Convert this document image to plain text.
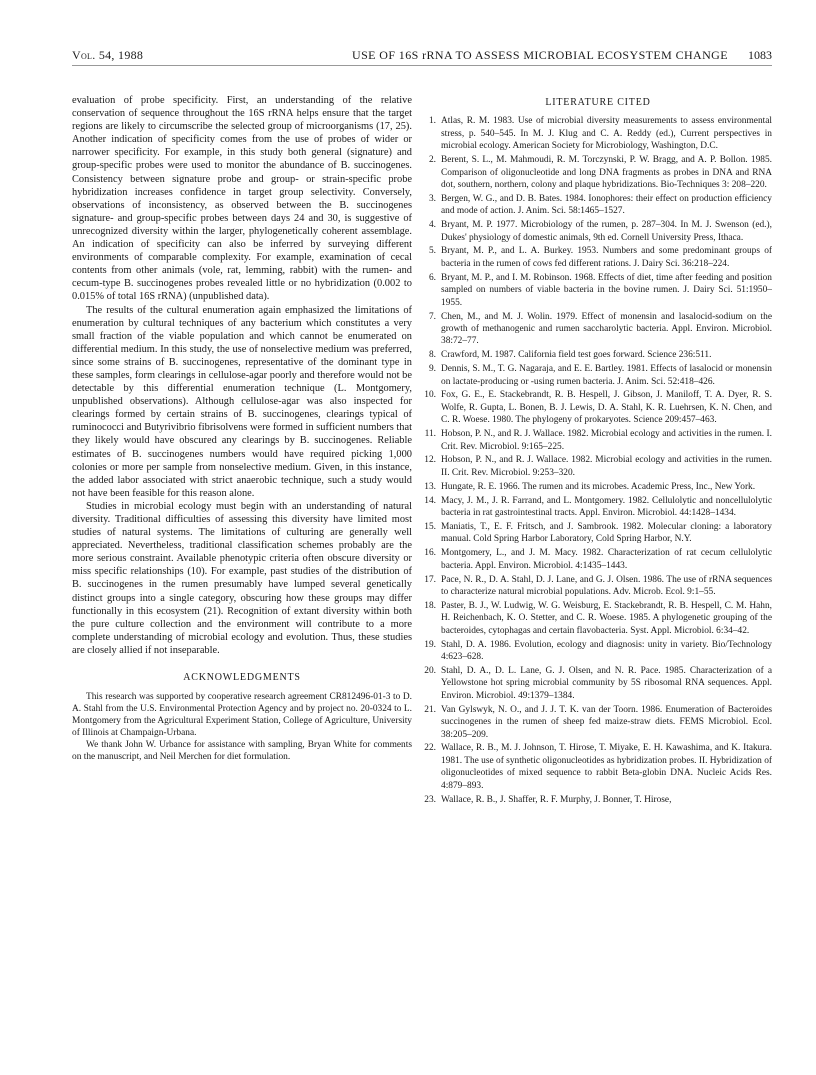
Vol. 54, 1988	USE OF 16S rRNA TO ASSESS MICROBIAL ECOSYSTEM CHANGE 1083

evaluation of probe specificity. First, an understanding of the relative conservation of sequence throughout the 16S rRNA helps ensure that the target regions are likely to circumscribe the selected group of microorganisms (17, 25). Another indication of specificity comes from the use of probes of wider or narrower specificity. For example, in this study both general (signature) and group-specific probes were used to monitor the abundance of B. succinogenes. Consistency between signature probe and group- or strain-specific probe hybridization increases confidence in target group selectivity. Conversely, observations of inconsistency, as observed between the B. succinogenes signature- and group-specific probes between days 24 and 30, is suggestive of unrecognized diversity within the larger, phylogenetically coherent assemblage. An indication of specificity can also be inferred by surveying different environments of comparable complexity. For example, examination of cecal contents from other animals (vole, rat, lemming, rabbit) with the rumen- and cecum-type B. succinogenes probes revealed little or no hybridization (0.002 to 0.015% of total 16S rRNA) (unpublished data).

The results of the cultural enumeration again emphasized the limitations of enumeration by cultural techniques of any bacterium which constitutes a very small fraction of the viable population and which cannot be enumerated on differential medium. In this study, the use of nonselective medium was preferred, since some strains of B. succinogenes, representative of the dominant type in these samples, form clearings in cellulose-agar poorly and therefore would not be detectable by this differential enumeration technique (L. Montgomery, unpublished observations). Although cellulose-agar was also inspected for clearings formed by certain strains of B. succinogenes, clearings typical of ruminococci and Butyrivibrio fibrisolvens were formed in sufficient numbers that they likely would have obscured any clearings by B. succinogenes. Reliable estimates of B. succinogenes numbers would have required picking 1,000 colonies or more per sample from nonselective medium. Given, in this instance, the added labor associated with strict anaerobic technique, such a study would not have been feasible for this reason alone.

Studies in microbial ecology must begin with an understanding of natural diversity. Traditional difficulties of assessing this diversity have limited most studies of natural systems. The limitations of culturing are generally well appreciated. Nevertheless, traditional classification schemes probably are the more serious constraint. Available phenotypic criteria often obscure diversity or miss specific relationships (10). For example, past studies of the distribution of B. succinogenes in the rumen presumably have lumped several genetically distinct groups into a single category, obscuring how these groups may differ functionally in this ecosystem (21). Recognition of extant diversity within both the pure culture collection and the environment will contribute to a more complete understanding of microbial ecology and evolution. Thus, these studies are closely allied if not inseparable.

ACKNOWLEDGMENTS

This research was supported by cooperative research agreement CR812496-01-3 to D. A. Stahl from the U.S. Environmental Protection Agency and by project no. 20-0324 to L. Montgomery from the Agricultural Experiment Station, College of Agriculture, University of Illinois at Champaign-Urbana.

We thank John W. Urbance for assistance with sampling, Bryan White for comments on the manuscript, and Neil Merchen for diet formulation.

LITERATURE CITED
1. Atlas, R. M. 1983. Use of microbial diversity measurements to assess environmental stress, p. 540–545. In M. J. Klug and C. A. Reddy (ed.), Current perspectives in microbial ecology. American Society for Microbiology, Washington, D.C.
2. Berent, S. L., M. Mahmoudi, R. M. Torczynski, P. W. Bragg, and A. P. Bollon. 1985. Comparison of oligonucleotide and long DNA fragments as probes in DNA and RNA dot, southern, northern, colony and plaque hybridizations. Bio-Techniques 3: 208–220.
3. Bergen, W. G., and D. B. Bates. 1984. Ionophores: their effect on production efficiency and mode of action. J. Anim. Sci. 58:1465–1527.
4. Bryant, M. P. 1977. Microbiology of the rumen, p. 287–304. In M. J. Swenson (ed.), Dukes' physiology of domestic animals, 9th ed. Cornell University Press, Ithaca.
5. Bryant, M. P., and L. A. Burkey. 1953. Numbers and some predominant groups of bacteria in the rumen of cows fed different rations. J. Dairy Sci. 36:218–224.
6. Bryant, M. P., and I. M. Robinson. 1968. Effects of diet, time after feeding and position sampled on numbers of viable bacteria in the bovine rumen. J. Dairy Sci. 51:1950–1955.
7. Chen, M., and M. J. Wolin. 1979. Effect of monensin and lasalocid-sodium on the growth of methanogenic and rumen saccharolytic bacteria. Appl. Environ. Microbiol. 38:72–77.
8. Crawford, M. 1987. California field test goes forward. Science 236:511.
9. Dennis, S. M., T. G. Nagaraja, and E. E. Bartley. 1981. Effects of lasalocid or monensin on lactate-producing or -using rumen bacteria. J. Anim. Sci. 52:418–426.
10. Fox, G. E., E. Stackebrandt, R. B. Hespell, J. Gibson, J. Maniloff, T. A. Dyer, R. S. Wolfe, R. Gupta, L. Bonen, B. J. Lewis, D. A. Stahl, K. R. Luehrsen, K. N. Chen, and C. R. Woese. 1980. The phylogeny of prokaryotes. Science 209:457–463.
11. Hobson, P. N., and R. J. Wallace. 1982. Microbial ecology and activities in the rumen. I. Crit. Rev. Microbiol. 9:165–225.
12. Hobson, P. N., and R. J. Wallace. 1982. Microbial ecology and activities in the rumen. II. Crit. Rev. Microbiol. 9:253–320.
13. Hungate, R. E. 1966. The rumen and its microbes. Academic Press, Inc., New York.
14. Macy, J. M., J. R. Farrand, and L. Montgomery. 1982. Cellulolytic and noncellulolytic bacteria in rat gastrointestinal tracts. Appl. Environ. Microbiol. 44:1428–1434.
15. Maniatis, T., E. F. Fritsch, and J. Sambrook. 1982. Molecular cloning: a laboratory manual. Cold Spring Harbor Laboratory, Cold Spring Harbor, N.Y.
16. Montgomery, L., and J. M. Macy. 1982. Characterization of rat cecum cellulolytic bacteria. Appl. Environ. Microbiol. 4:1435–1443.
17. Pace, N. R., D. A. Stahl, D. J. Lane, and G. J. Olsen. 1986. The use of rRNA sequences to characterize natural microbial populations. Adv. Microb. Ecol. 9:1–55.
18. Paster, B. J., W. Ludwig, W. G. Weisburg, E. Stackebrandt, R. B. Hespell, C. M. Hahn, H. Reichenbach, K. O. Stetter, and C. R. Woese. 1985. A phylogenetic grouping of the bacteroides, cytophagas and certain flavobacteria. Syst. Appl. Microbiol. 6:34–42.
19. Stahl, D. A. 1986. Evolution, ecology and diagnosis: unity in variety. Bio/Technology 4:623–628.
20. Stahl, D. A., D. L. Lane, G. J. Olsen, and N. R. Pace. 1985. Characterization of a Yellowstone hot spring microbial community by 5S ribosomal RNA sequences. Appl. Environ. Microbiol. 49:1379–1384.
21. Van Gylswyk, N. O., and J. J. T. K. van der Toorn. 1986. Enumeration of Bacteroides succinogenes in the rumen of sheep fed maize-straw diets. FEMS Microbiol. Ecol. 38:205–209.
22. Wallace, R. B., M. J. Johnson, T. Hirose, T. Miyake, E. H. Kawashima, and K. Itakura. 1981. The use of synthetic oligonucleotides as hybridization probes. II. Hybridization of oligonucleotides of mixed sequence to rabbit Beta-globin DNA. Nucleic Acids Res. 4:879–893.
23. Wallace, R. B., J. Shaffer, R. F. Murphy, J. Bonner, T. Hirose,
